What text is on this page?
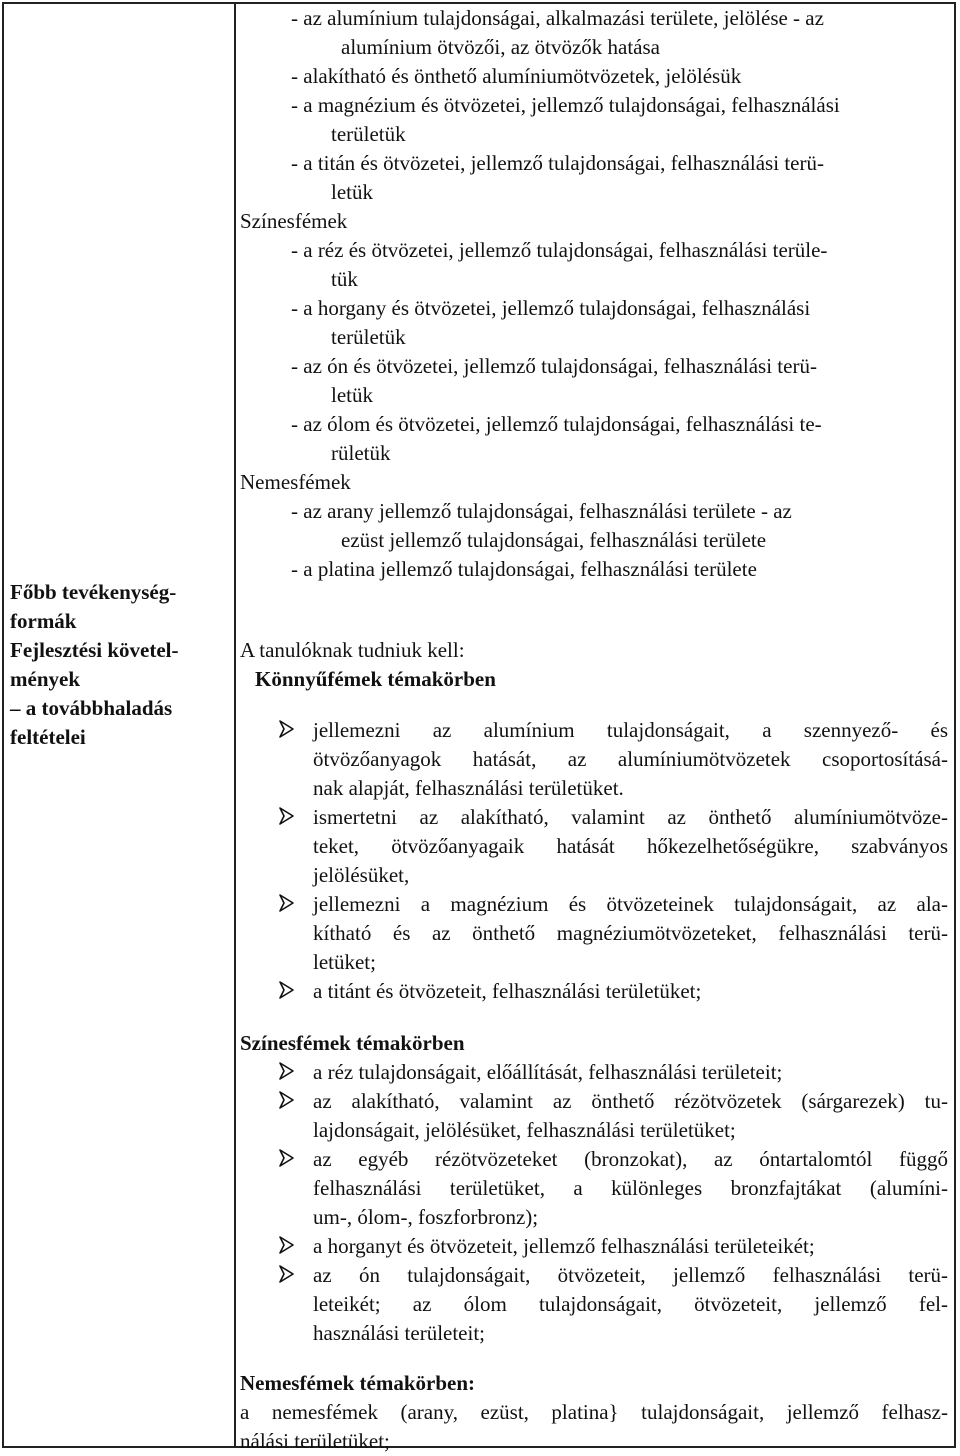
Főbb tevékenység-
formák
Fejlesztési követel-
mények
– a továbbhaladás
feltételei
- az alumínium tulajdonságai, alkalmazási területe, jelölése - az
alumínium ötvözői, az ötvözők hatása
- alakítható és önthető alumíniumötvözetek, jelölésük
- a magnézium és ötvözetei, jellemző tulajdonságai, felhasználási
területük
- a titán és ötvözetei, jellemző tulajdonságai, felhasználási terü-
letük
Színesfémek
- a réz és ötvözetei, jellemző tulajdonságai, felhasználási terüle-
tük
- a horgany és ötvözetei, jellemző tulajdonságai, felhasználási
területük
- az ón és ötvözetei, jellemző tulajdonságai, felhasználási terü-
letük
- az ólom és ötvözetei, jellemző tulajdonságai, felhasználási te-
rületük
Nemesfémek
- az arany jellemző tulajdonságai, felhasználási területe - az
ezüst jellemző tulajdonságai, felhasználási területe
- a platina jellemző tulajdonságai, felhasználási területe
A tanulóknak tudniuk kell:
Könnyűfémek témakörben
jellemezni az alumínium tulajdonságait, a szennyező- és
ötvözőanyagok hatását, az alumíniumötvözetek csoportosításá-
nak alapját, felhasználási területüket.
ismertetni az alakítható, valamint az önthető alumíniumötvöze-
teket, ötvözőanyagaik hatását hőkezelhetőségükre, szabványos
jelölésüket,
jellemezni a magnézium és ötvözeteinek tulajdonságait, az ala-
kítható és az önthető magnéziumötvözeteket, felhasználási terü-
letüket;
a titánt és ötvözeteit, felhasználási területüket;
Színesfémek témakörben
a réz tulajdonságait, előállítását, felhasználási területeit;
az alakítható, valamint az önthető rézötvözetek (sárgarezek) tu-
lajdonságait, jelölésüket, felhasználási területüket;
az egyéb rézötvözeteket (bronzokat), az óntartalomtól függő
felhasználási területüket, a különleges bronzfajtákat (alumíni-
um-, ólom-, foszforbronz);
a horganyt és ötvözeteit, jellemző felhasználási területeikét;
az ón tulajdonságait, ötvözeteit, jellemző felhasználási terü-
leteikét; az ólom tulajdonságait, ötvözeteit, jellemző fel-
használási területeit;
Nemesfémek témakörben:
a nemesfémek (arany, ezüst, platina} tulajdonságait, jellemző felhasz-
nálási területüket;
